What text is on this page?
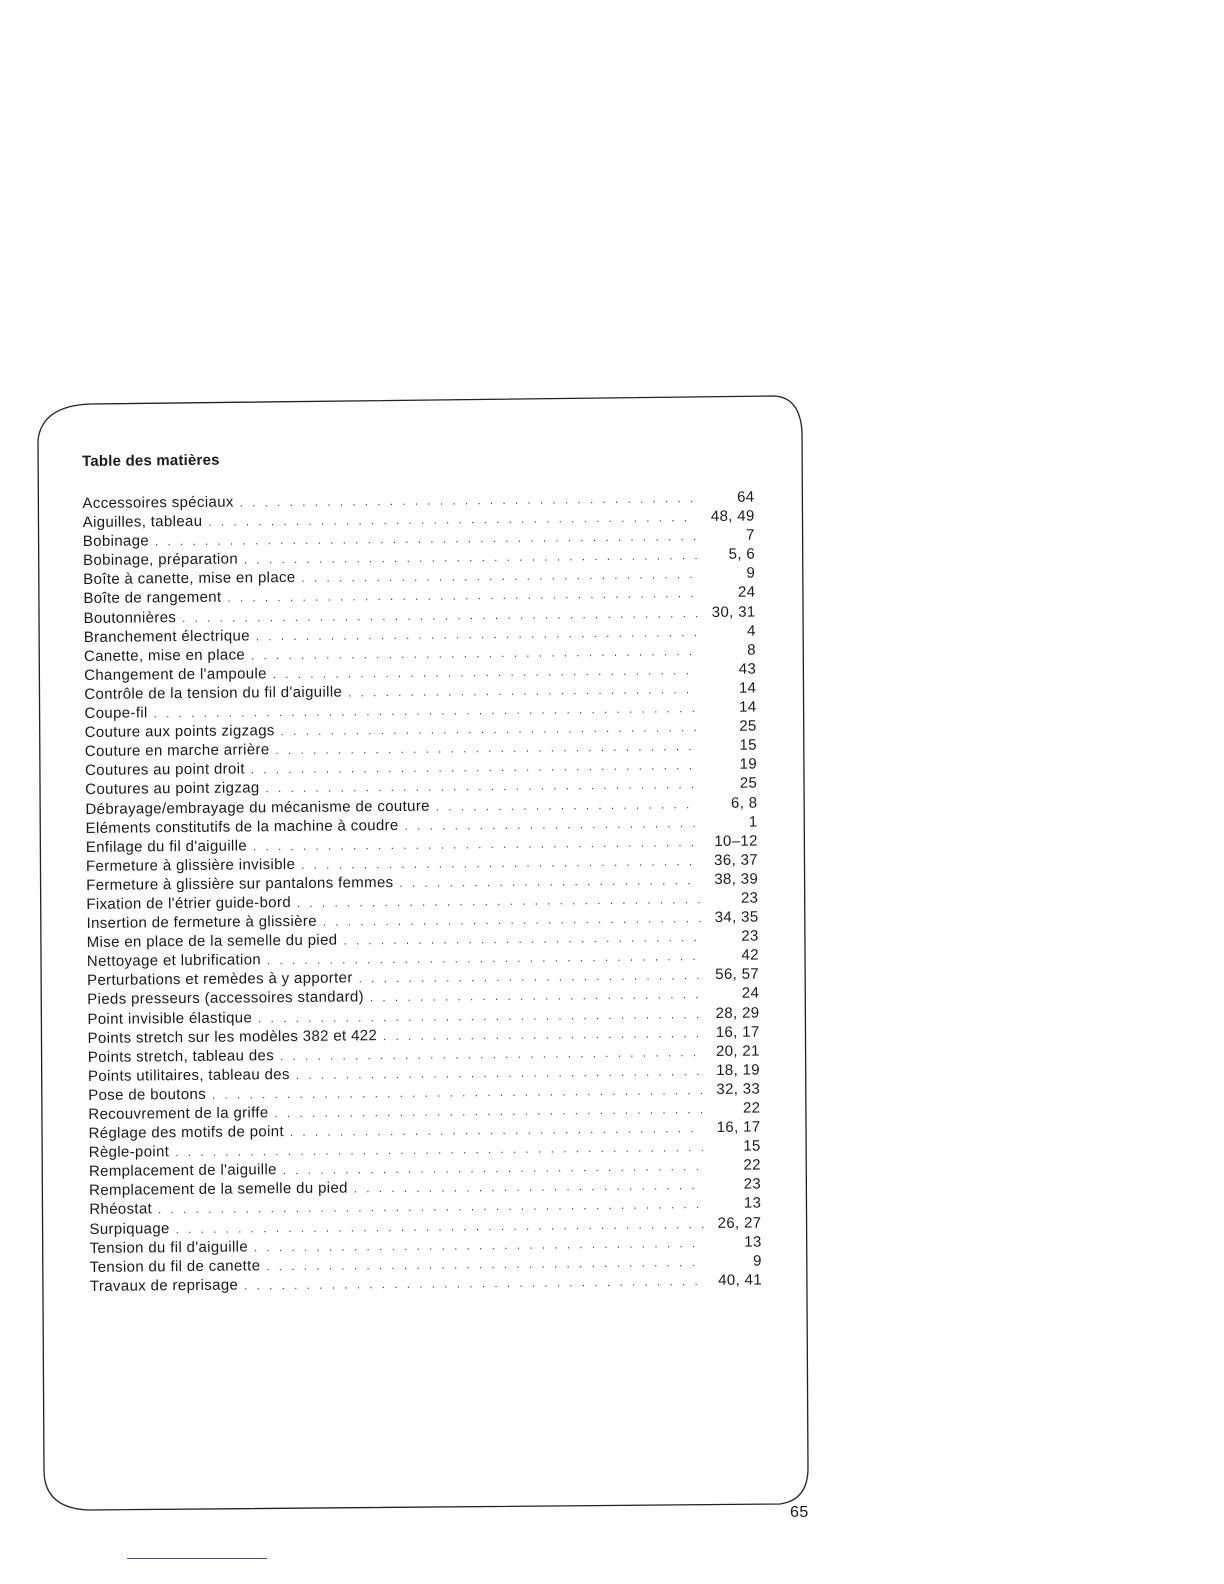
Table des matières
Accessoires spéciaux . . .	64
Aiguilles, tableau . . .	48, 49
Bobinage . . .	7
Bobinage, préparation . . .	5, 6
Boîte à canette, mise en place . . .	9
Boîte de rangement . . .	24
Boutonnières . . .	30, 31
Branchement électrique . . .	4
Canette, mise en place . . .	8
Changement de l'ampoule . . .	43
Contrôle de la tension du fil d'aiguille . . .	14
Coupe-fil . . .	14
Couture aux points zigzags . . .	25
Couture en marche arrière . . .	15
Coutures au point droit . . .	19
Coutures au point zigzag . . .	25
Débrayage/embrayage du mécanisme de couture . . .	6, 8
Eléments constitutifs de la machine à coudre . . .	1
Enfilage du fil d'aiguille . . .	10–12
Fermeture à glissière invisible . . .	36, 37
Fermeture à glissière sur pantalons femmes . . .	38, 39
Fixation de l'étrier guide-bord . . .	23
Insertion de fermeture à glissière . . .	34, 35
Mise en place de la semelle du pied . . .	23
Nettoyage et lubrification . . .	42
Perturbations et remèdes à y apporter . . .	56, 57
Pieds presseurs (accessoires standard) . . .	24
Point invisible élastique . . .	28, 29
Points stretch sur les modèles 382 et 422 . . .	16, 17
Points stretch, tableau des . . .	20, 21
Points utilitaires, tableau des . . .	18, 19
Pose de boutons . . .	32, 33
Recouvrement de la griffe . . .	22
Réglage des motifs de point . . .	16, 17
Règle-point . . .	15
Remplacement de l'aiguille . . .	22
Remplacement de la semelle du pied . . .	23
Rhéostat . . .	13
Surpiquage . . .	26, 27
Tension du fil d'aiguille . . .	13
Tension du fil de canette . . .	9
Travaux de reprisage . . .	40, 41
65
